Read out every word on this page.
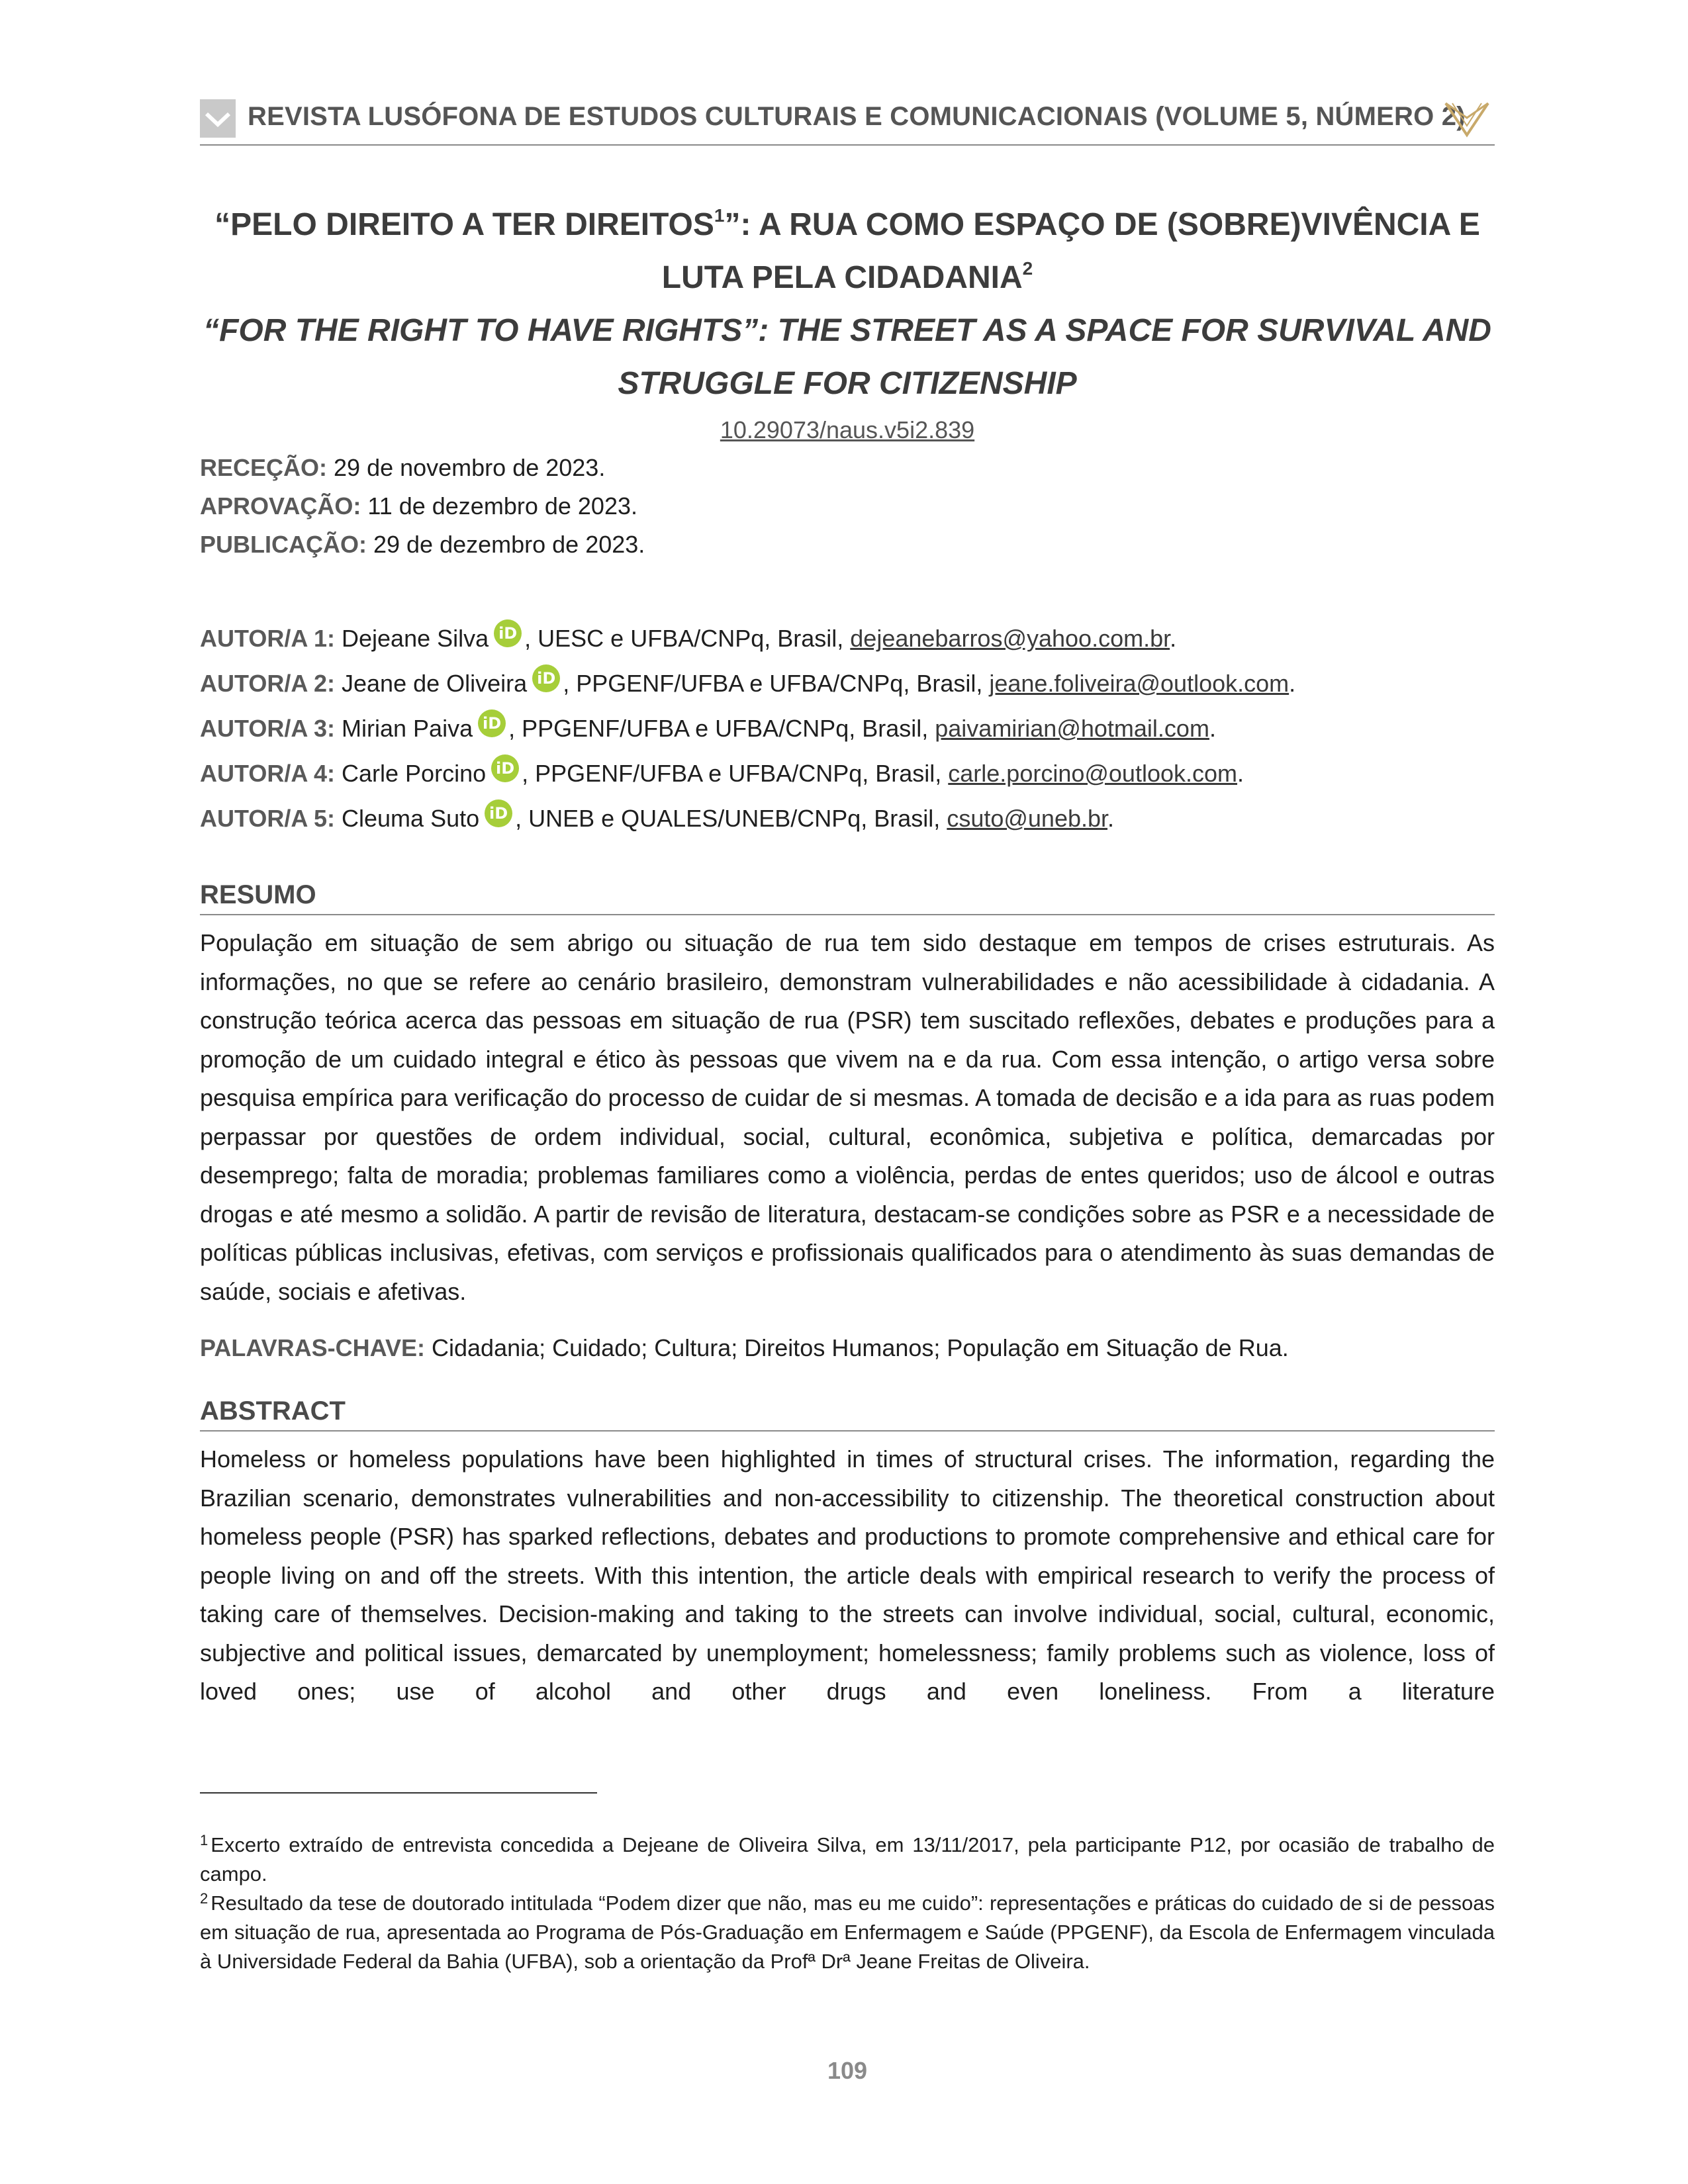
REVISTA LUSÓFONA DE ESTUDOS CULTURAIS E COMUNICACIONAIS (VOLUME 5, NÚMERO 2)
“PELO DIREITO A TER DIREITOS$^1$”: A RUA COMO ESPAÇO DE (SOBRE)VIVÊNCIA E
LUTA PELA CIDADANIA$^2$
“FOR THE RIGHT TO HAVE RIGHTS”: THE STREET AS A SPACE FOR SURVIVAL AND
STRUGGLE FOR CITIZENSHIP
10.29073/naus.v5i2.839
RECEÇÃO: 29 de novembro de 2023.
APROVAÇÃO: 11 de dezembro de 2023.
PUBLICAÇÃO: 29 de dezembro de 2023.
AUTOR/A 1: Dejeane Silva iD , UESC e UFBA/CNPq, Brasil, dejeanebarros@yahoo.com.br.
AUTOR/A 2: Jeane de Oliveira iD , PPGENF/UFBA e UFBA/CNPq, Brasil, jeane.foliveira@outlook.com.
AUTOR/A 3: Mirian Paiva iD , PPGENF/UFBA e UFBA/CNPq, Brasil, paivamirian@hotmail.com.
AUTOR/A 4: Carle Porcino iD , PPGENF/UFBA e UFBA/CNPq, Brasil, carle.porcino@outlook.com.
AUTOR/A 5: Cleuma Suto iD , UNEB e QUALES/UNEB/CNPq, Brasil, csuto@uneb.br.
RESUMO
População em situação de sem abrigo ou situação de rua tem sido destaque em tempos de crises estruturais. As informações, no que se refere ao cenário brasileiro, demonstram vulnerabilidades e não acessibilidade à cidadania. A construção teórica acerca das pessoas em situação de rua (PSR) tem suscitado reflexões, debates e produções para a promoção de um cuidado integral e ético às pessoas que vivem na e da rua. Com essa intenção, o artigo versa sobre pesquisa empírica para verificação do processo de cuidar de si mesmas. A tomada de decisão e a ida para as ruas podem perpassar por questões de ordem individual, social, cultural, econômica, subjetiva e política, demarcadas por desemprego; falta de moradia; problemas familiares como a violência, perdas de entes queridos; uso de álcool e outras drogas e até mesmo a solidão. A partir de revisão de literatura, destacam-se condições sobre as PSR e a necessidade de políticas públicas inclusivas, efetivas, com serviços e profissionais qualificados para o atendimento às suas demandas de saúde, sociais e afetivas.
PALAVRAS-CHAVE: Cidadania; Cuidado; Cultura; Direitos Humanos; População em Situação de Rua.
ABSTRACT
Homeless or homeless populations have been highlighted in times of structural crises. The information, regarding the Brazilian scenario, demonstrates vulnerabilities and non-accessibility to citizenship. The theoretical construction about homeless people (PSR) has sparked reflections, debates and productions to promote comprehensive and ethical care for people living on and off the streets. With this intention, the article deals with empirical research to verify the process of taking care of themselves. Decision-making and taking to the streets can involve individual, social, cultural, economic, subjective and political issues, demarcated by unemployment; homelessness; family problems such as violence, loss of loved ones; use of alcohol and other drugs and even loneliness. From a literature
$^1$ Excerto extraído de entrevista concedida a Dejeane de Oliveira Silva, em 13/11/2017, pela participante P12, por ocasião de trabalho de campo.
$^2$ Resultado da tese de doutorado intitulada “Podem dizer que não, mas eu me cuido”: representações e práticas do cuidado de si de pessoas em situação de rua, apresentada ao Programa de Pós-Graduação em Enfermagem e Saúde (PPGENF), da Escola de Enfermagem vinculada à Universidade Federal da Bahia (UFBA), sob a orientação da Profª Drª Jeane Freitas de Oliveira.
109
